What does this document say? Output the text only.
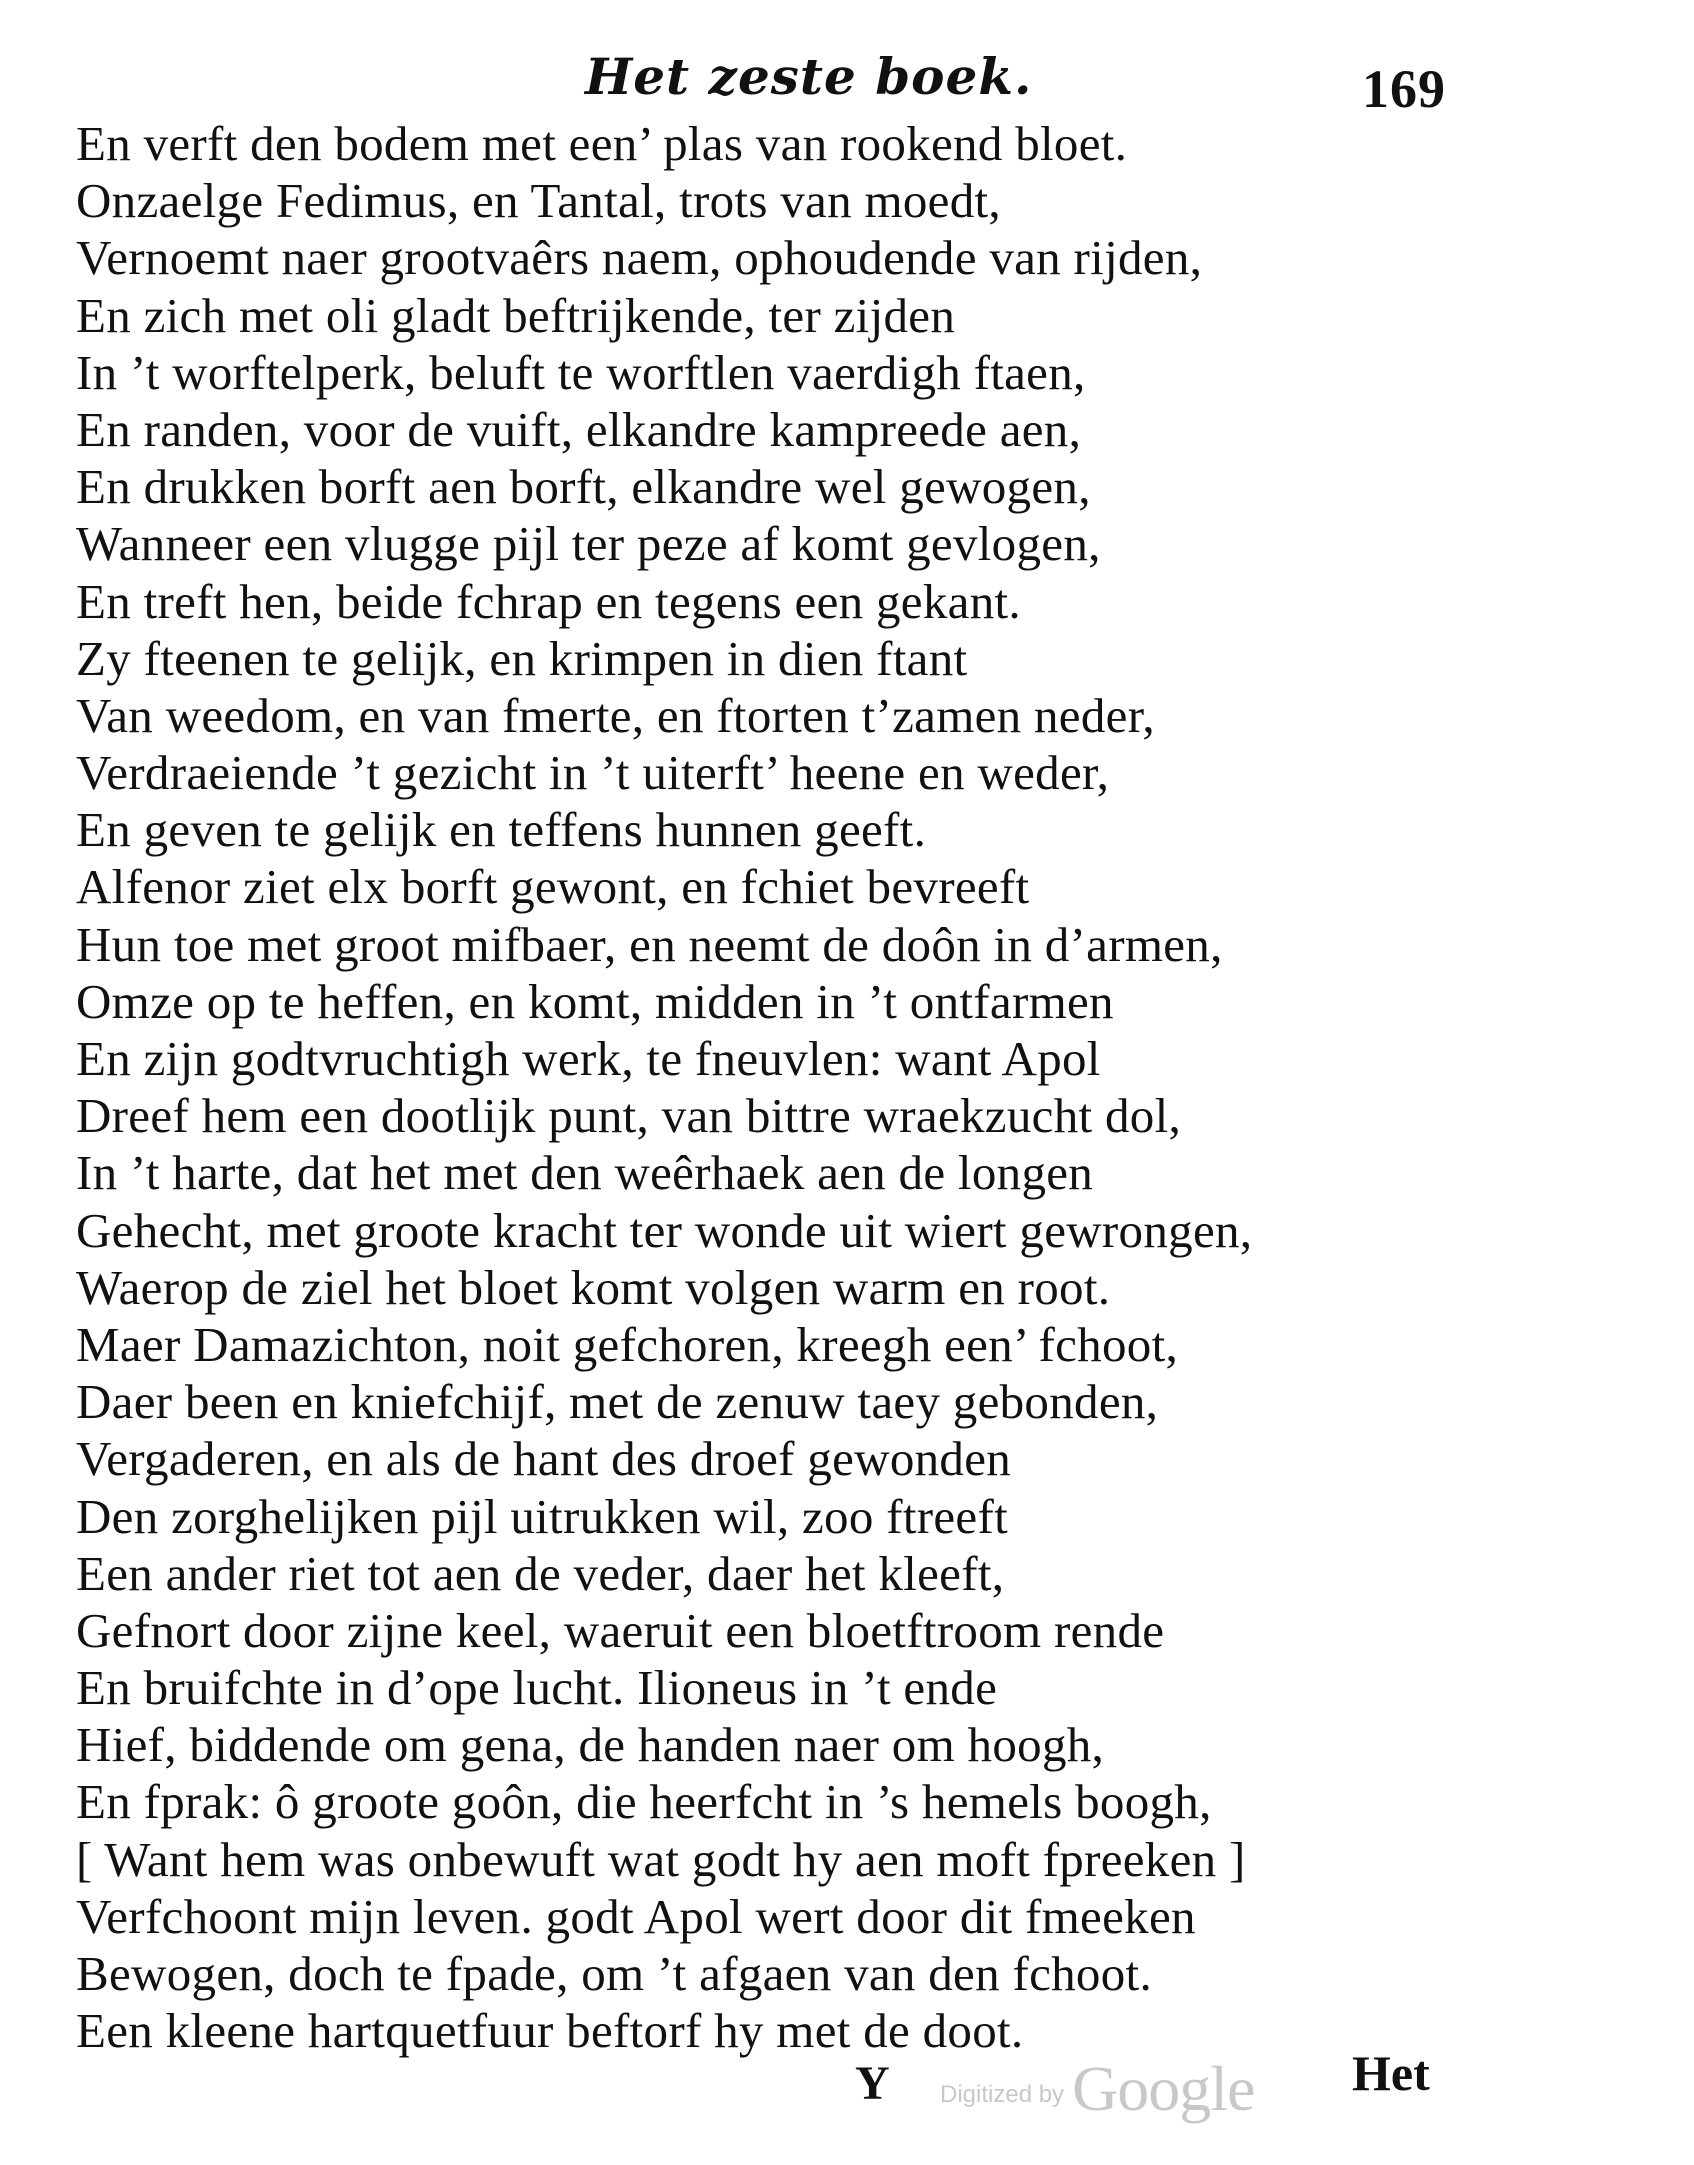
Het zeste boek.	169
En verft den bodem met een’ plas van rookend bloet.
Onzaelge Fedimus, en Tantal, trots van moedt,
Vernoemt naer grootvaêrs naem, ophoudende van rijden,
En zich met oli gladt beftrijkende, ter zijden
In ’t worftelperk, beluft te worftlen vaerdigh ftaen,
En randen, voor de vuift, elkandre kampreede aen,
En drukken borft aen borft, elkandre wel gewogen,
Wanneer een vlugge pijl ter peze af komt gevlogen,
En treft hen, beide fchrap en tegens een gekant.
Zy fteenen te gelijk, en krimpen in dien ftant
Van weedom, en van fmerte, en ftorten t’zamen neder,
Verdraeiende ’t gezicht in ’t uiterft’ heene en weder,
En geven te gelijk en teffens hunnen geeft.
Alfenor ziet elx borft gewont, en fchiet bevreeft
Hun toe met groot mifbaer, en neemt de doôn in d’armen,
Omze op te heffen, en komt, midden in ’t ontfarmen
En zijn godtvruchtigh werk, te fneuvlen: want Apol
Dreef hem een dootlijk punt, van bittre wraekzucht dol,
In ’t harte, dat het met den weêrhaek aen de longen
Gehecht, met groote kracht ter wonde uit wiert gewrongen,
Waerop de ziel het bloet komt volgen warm en root.
Maer Damazichton, noit gefchoren, kreegh een’ fchoot,
Daer been en kniefchijf, met de zenuw taey gebonden,
Vergaderen, en als de hant des droef gewonden
Den zorghelijken pijl uitrukken wil, zoo ftreeft
Een ander riet tot aen de veder, daer het kleeft,
Gefnort door zijne keel, waeruit een bloetftroom rende
En bruifchte in d’ope lucht. Ilioneus in ’t ende
Hief, biddende om gena, de handen naer om hoogh,
En fprak: ô groote goôn, die heerfcht in ’s hemels boogh,
[ Want hem was onbewuft wat godt hy aen moft fpreeken ]
Verfchoont mijn leven. godt Apol wert door dit fmeeken
Bewogen, doch te fpade, om ’t afgaen van den fchoot.
Een kleene hartquetfuur beftorf hy met de doot.
Y Digitized by Google Het
